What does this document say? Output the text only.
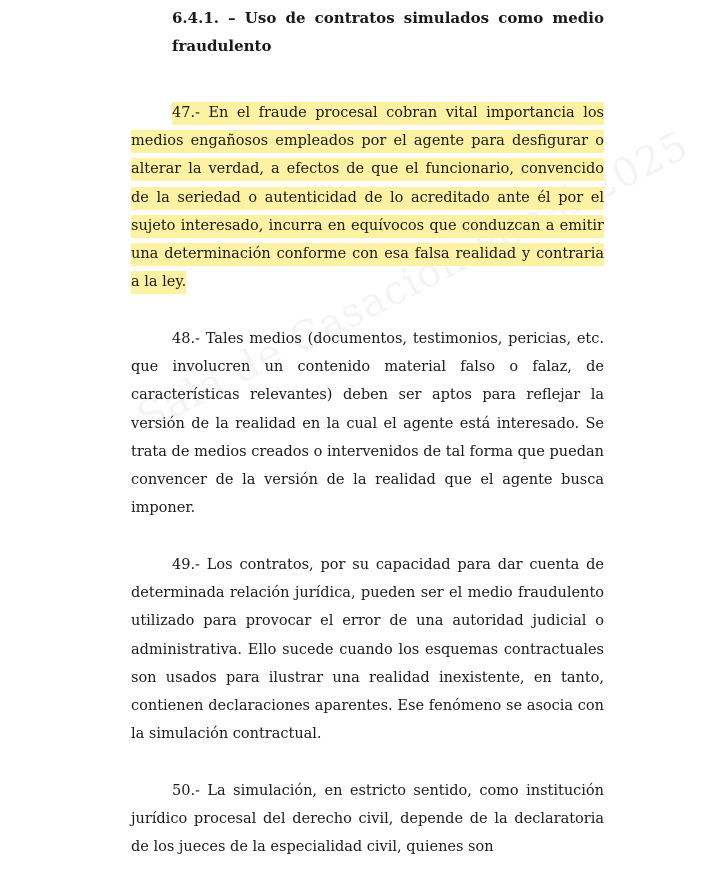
6.4.1. – Uso de contratos simulados como medio fraudulento

47.- En el fraude procesal cobran vital importancia los medios engañosos empleados por el agente para desfigurar o alterar la verdad, a efectos de que el funcionario, convencido de la seriedad o autenticidad de lo acreditado ante él por el sujeto interesado, incurra en equívocos que conduzcan a emitir una determinación conforme con esa falsa realidad y contraria a la ley.

48.- Tales medios (documentos, testimonios, pericias, etc. que involucren un contenido material falso o falaz, de características relevantes) deben ser aptos para reflejar la versión de la realidad en la cual el agente está interesado. Se trata de medios creados o intervenidos de tal forma que puedan convencer de la versión de la realidad que el agente busca imponer.

49.- Los contratos, por su capacidad para dar cuenta de determinada relación jurídica, pueden ser el medio fraudulento utilizado para provocar el error de una autoridad judicial o administrativa. Ello sucede cuando los esquemas contractuales son usados para ilustrar una realidad inexistente, en tanto, contienen declaraciones aparentes. Ese fenómeno se asocia con la simulación contractual.

50.- La simulación, en estricto sentido, como institución jurídico procesal del derecho civil, depende de la declaratoria de los jueces de la especialidad civil, quienes son
